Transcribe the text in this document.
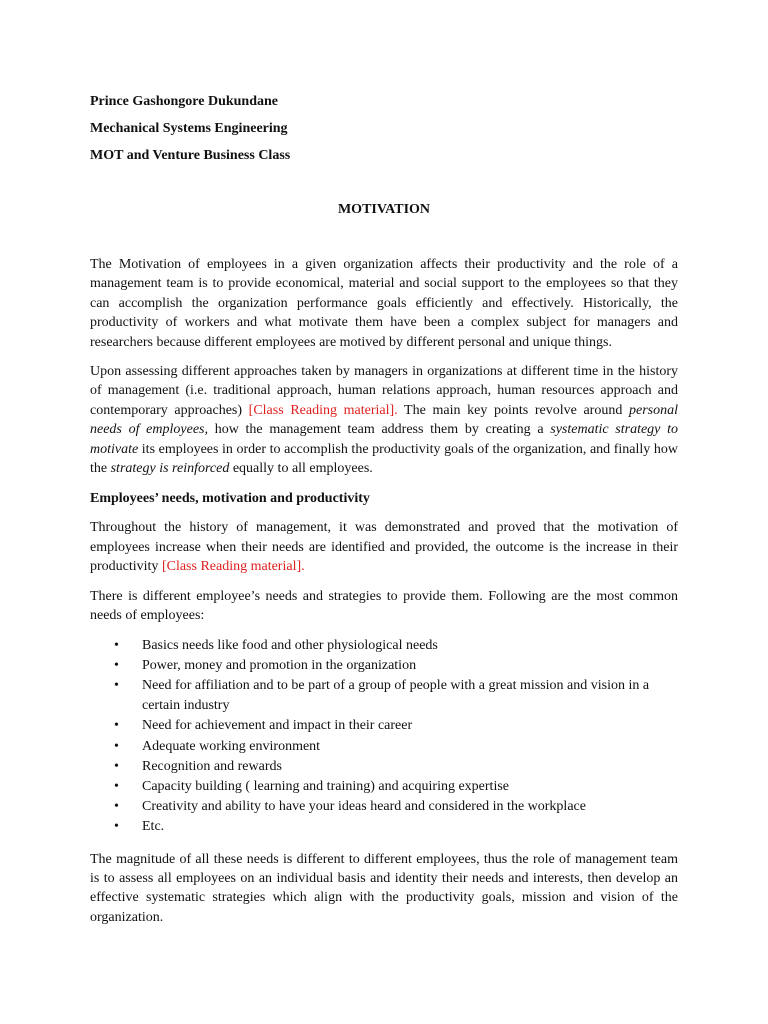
Prince Gashongore Dukundane

Mechanical Systems Engineering

MOT and Venture Business Class

MOTIVATION

The Motivation of employees in a given organization affects their productivity and the role of a management team is to provide economical, material and social support to the employees so that they can accomplish the organization performance goals efficiently and effectively. Historically, the productivity of workers and what motivate them have been a complex subject for managers and researchers because different employees are motived by different personal and unique things.

Upon assessing different approaches taken by managers in organizations at different time in the history of management (i.e. traditional approach, human relations approach, human resources approach and contemporary approaches) [Class Reading material]. The main key points revolve around personal needs of employees, how the management team address them by creating a systematic strategy to motivate its employees in order to accomplish the productivity goals of the organization, and finally how the strategy is reinforced equally to all employees.

Employees’ needs, motivation and productivity

Throughout the history of management, it was demonstrated and proved that the motivation of employees increase when their needs are identified and provided, the outcome is the increase in their productivity [Class Reading material].

There is different employee’s needs and strategies to provide them. Following are the most common needs of employees:

• Basics needs like food and other physiological needs
• Power, money and promotion in the organization
• Need for affiliation and to be part of a group of people with a great mission and vision in a certain industry
• Need for achievement and impact in their career
• Adequate working environment
• Recognition and rewards
• Capacity building ( learning and training) and acquiring expertise
• Creativity and ability to have your ideas heard and considered in the workplace
• Etc.

The magnitude of all these needs is different to different employees, thus the role of management team is to assess all employees on an individual basis and identity their needs and interests, then develop an effective systematic strategies which align with the productivity goals, mission and vision of the organization.
